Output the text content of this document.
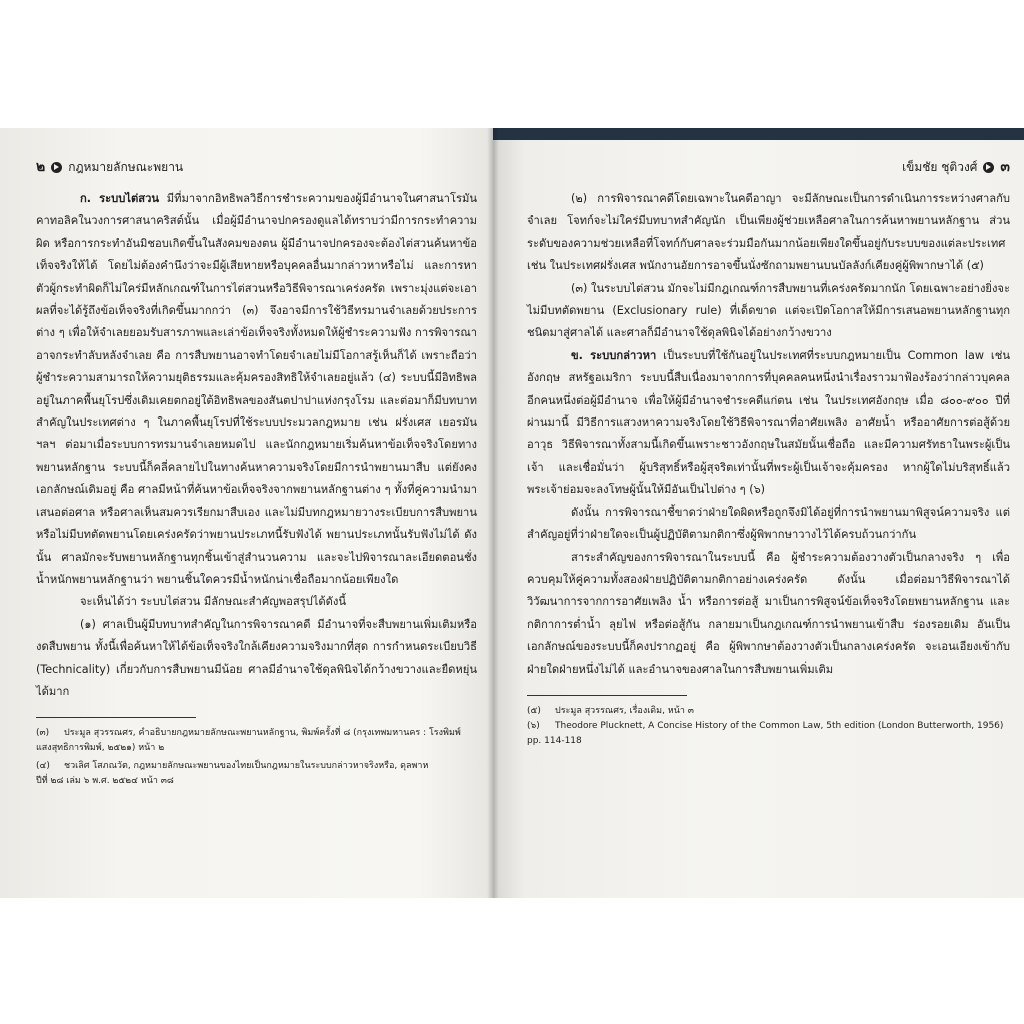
๒ กฎหมายลักษณะพยาน

ก. ระบบไต่สวน มีที่มาจากอิทธิพลวิธีการชำระความของผู้มีอำนาจในศาสนาโรมันคาทอลิคในวงการศาสนาคริสต์นั้น เมื่อผู้มีอำนาจปกครองดูแลได้ทราบว่ามีการกระทำความผิด หรือการกระทำอันมิชอบเกิดขึ้นในสังคมของตน ผู้มีอำนาจปกครองจะต้องไต่สวนค้นหาข้อเท็จจริงให้ได้ โดยไม่ต้องคำนึงว่าจะมีผู้เสียหายหรือบุคคลอื่นมากล่าวหาหรือไม่ และการหาตัวผู้กระทำผิดก็ไม่ใคร่มีหลักเกณฑ์ในการไต่สวนหรือวิธีพิจารณาเคร่งครัด เพราะมุ่งแต่จะเอาผลที่จะได้รู้ถึงข้อเท็จจริงที่เกิดขึ้นมากกว่า (๓) จึงอาจมีการใช้วิธีทรมานจำเลยด้วยประการต่าง ๆ เพื่อให้จำเลยยอมรับสารภาพและเล่าข้อเท็จจริงทั้งหมดให้ผู้ชำระความฟัง การพิจารณาอาจกระทำลับหลังจำเลย คือ การสืบพยานอาจทำโดยจำเลยไม่มีโอกาสรู้เห็นก็ได้ เพราะถือว่าผู้ชำระความสามารถให้ความยุติธรรมและคุ้มครองสิทธิให้จำเลยอยู่แล้ว (๔) ระบบนี้มีอิทธิพลอยู่ในภาคพื้นยุโรปซึ่งเดิมเคยตกอยู่ใต้อิทธิพลของสันตปาปาแห่งกรุงโรม และต่อมาก็มีบทบาทสำคัญในประเทศต่าง ๆ ในภาคพื้นยุโรปที่ใช้ระบบประมวลกฎหมาย เช่น ฝรั่งเศส เยอรมัน ฯลฯ ต่อมาเมื่อระบบการทรมานจำเลยหมดไป และนักกฎหมายเริ่มค้นหาข้อเท็จจริงโดยทางพยานหลักฐาน ระบบนี้ก็คลี่คลายไปในทางค้นหาความจริงโดยมีการนำพยานมาสืบ แต่ยังคงเอกลักษณ์เดิมอยู่ คือ ศาลมีหน้าที่ค้นหาข้อเท็จจริงจากพยานหลักฐานต่าง ๆ ทั้งที่คู่ความนำมาเสนอต่อศาล หรือศาลเห็นสมควรเรียกมาสืบเอง และไม่มีบทกฎหมายวางระเบียบการสืบพยาน หรือไม่มีบทตัดพยานโดยเคร่งครัดว่าพยานประเภทนี้รับฟังได้ พยานประเภทนั้นรับฟังไม่ได้ ดังนั้น ศาลมักจะรับพยานหลักฐานทุกชิ้นเข้าสู่สำนวนความ และจะไปพิจารณาละเอียดตอนชั่งน้ำหนักพยานหลักฐานว่า พยานชิ้นใดควรมีน้ำหนักน่าเชื่อถือมากน้อยเพียงใด

จะเห็นได้ว่า ระบบไต่สวน มีลักษณะสำคัญพอสรุปได้ดังนี้

(๑) ศาลเป็นผู้มีบทบาทสำคัญในการพิจารณาคดี มีอำนาจที่จะสืบพยานเพิ่มเติมหรืองดสืบพยาน ทั้งนี้เพื่อค้นหาให้ได้ข้อเท็จจริงใกล้เคียงความจริงมากที่สุด การกำหนดระเบียบวิธี (Technicality) เกี่ยวกับการสืบพยานมีน้อย ศาลมีอำนาจใช้ดุลพินิจได้กว้างขวางและยืดหยุ่นได้มาก

(๓) ประมูล สุวรรณศร, คำอธิบายกฎหมายลักษณะพยานหลักฐาน, พิมพ์ครั้งที่ ๘ (กรุงเทพมหานคร : โรงพิมพ์

แสงสุทธิการพิมพ์, ๒๕๒๑) หน้า ๒

(๔) ชวเลิศ โสภณวัต, กฎหมายลักษณะพยานของไทยเป็นกฎหมายในระบบกล่าวหาจริงหรือ, ดุลพาห

ปีที่ ๒๘ เล่ม ๖ พ.ศ. ๒๕๒๔ หน้า ๓๘

เข็มชัย ชุติวงศ์ ๓

(๒) การพิจารณาคดีโดยเฉพาะในคดีอาญา จะมีลักษณะเป็นการดำเนินการระหว่างศาลกับจำเลย โจทก์จะไม่ใคร่มีบทบาทสำคัญนัก เป็นเพียงผู้ช่วยเหลือศาลในการค้นหาพยานหลักฐาน ส่วนระดับของความช่วยเหลือที่โจทก์กับศาลจะร่วมมือกันมากน้อยเพียงใดขึ้นอยู่กับระบบของแต่ละประเทศ เช่น ในประเทศฝรั่งเศส พนักงานอัยการอาจขึ้นนั่งซักถามพยานบนบัลลังก์เคียงคู่ผู้พิพากษาได้ (๕)

(๓) ในระบบไต่สวน มักจะไม่มีกฎเกณฑ์การสืบพยานที่เคร่งครัดมากนัก โดยเฉพาะอย่างยิ่งจะไม่มีบทตัดพยาน (Exclusionary rule) ที่เด็ดขาด แต่จะเปิดโอกาสให้มีการเสนอพยานหลักฐานทุกชนิดมาสู่ศาลได้ และศาลก็มีอำนาจใช้ดุลพินิจได้อย่างกว้างขวาง

ข. ระบบกล่าวหา เป็นระบบที่ใช้กันอยู่ในประเทศที่ระบบกฎหมายเป็น Common law เช่น อังกฤษ สหรัฐอเมริกา ระบบนี้สืบเนื่องมาจากการที่บุคคลคนหนึ่งนำเรื่องราวมาฟ้องร้องว่ากล่าวบุคคลอีกคนหนึ่งต่อผู้มีอำนาจ เพื่อให้ผู้มีอำนาจชำระคดีแก่ตน เช่น ในประเทศอังกฤษ เมื่อ ๘๐๐-๙๐๐ ปีที่ผ่านมานี้ มีวิธีการแสวงหาความจริงโดยใช้วิธีพิจารณาที่อาศัยเพลิง อาศัยน้ำ หรืออาศัยการต่อสู้ด้วยอาวุธ วิธีพิจารณาทั้งสามนี้เกิดขึ้นเพราะชาวอังกฤษในสมัยนั้นเชื่อถือ และมีความศรัทธาในพระผู้เป็นเจ้า และเชื่อมั่นว่า ผู้บริสุทธิ์หรือผู้สุจริตเท่านั้นที่พระผู้เป็นเจ้าจะคุ้มครอง หากผู้ใดไม่บริสุทธิ์แล้ว พระเจ้าย่อมจะลงโทษผู้นั้นให้มีอันเป็นไปต่าง ๆ (๖)

ดังนั้น การพิจารณาชี้ขาดว่าฝ่ายใดผิดหรือถูกจึงมิได้อยู่ที่การนำพยานมาพิสูจน์ความจริง แต่สำคัญอยู่ที่ว่าฝ่ายใดจะเป็นผู้ปฏิบัติตามกติกาซึ่งผู้พิพากษาวางไว้ได้ครบถ้วนกว่ากัน

สาระสำคัญของการพิจารณาในระบบนี้ คือ ผู้ชำระความต้องวางตัวเป็นกลางจริง ๆ เพื่อควบคุมให้คู่ความทั้งสองฝ่ายปฏิบัติตามกติกาอย่างเคร่งครัด ดังนั้น เมื่อต่อมาวิธีพิจารณาได้วิวัฒนาการจากการอาศัยเพลิง น้ำ หรือการต่อสู้ มาเป็นการพิสูจน์ข้อเท็จจริงโดยพยานหลักฐาน และกติกาการต่ำน้ำ ลุยไฟ หรือต่อสู้กัน กลายมาเป็นกฎเกณฑ์การนำพยานเข้าสืบ ร่องรอยเดิม อันเป็นเอกลักษณ์ของระบบนี้ก็คงปรากฏอยู่ คือ ผู้พิพากษาต้องวางตัวเป็นกลางเคร่งครัด จะเอนเอียงเข้ากับฝ่ายใดฝ่ายหนึ่งไม่ได้ และอำนาจของศาลในการสืบพยานเพิ่มเติม

(๕) ประมูล สุวรรณศร, เรื่องเดิม, หน้า ๓

(๖) Theodore Plucknett, A Concise History of the Common Law, 5th edition (London Butterworth, 1956)

pp. 114-118
